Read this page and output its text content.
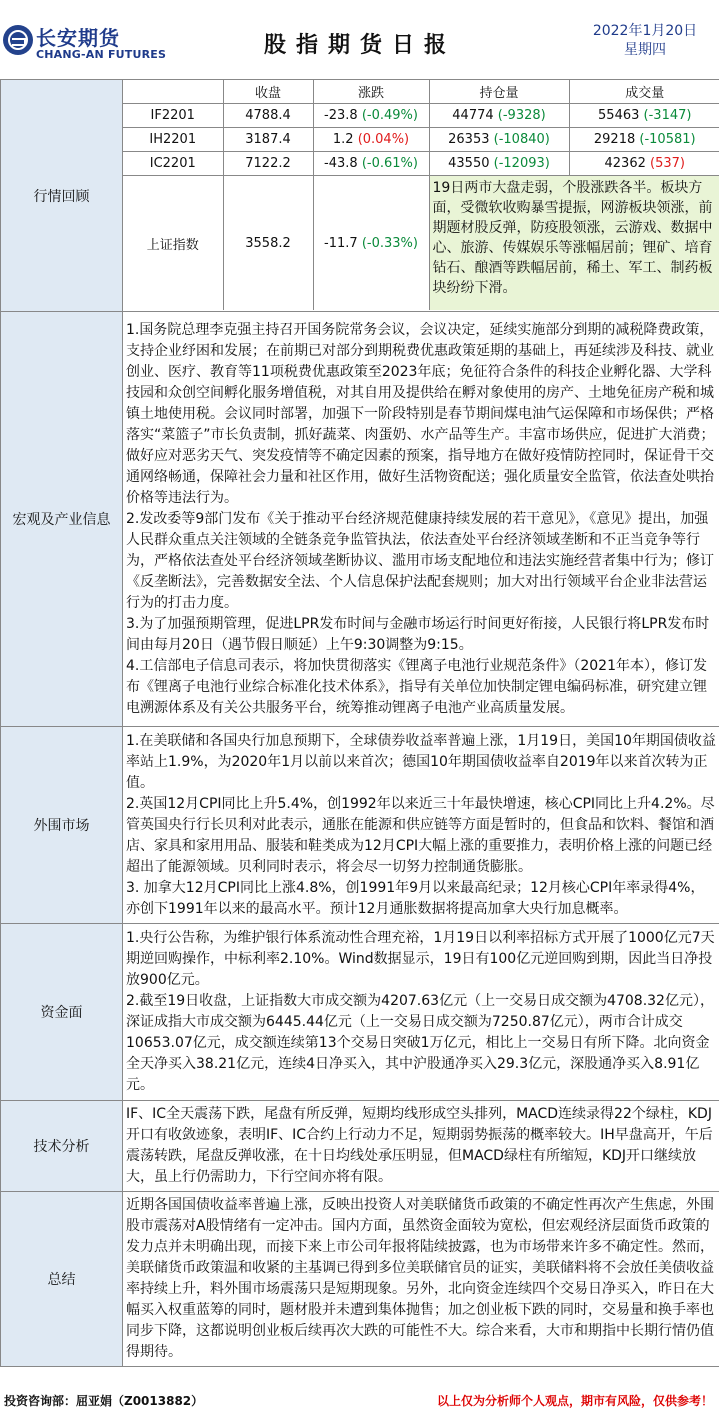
长安期货
CHANG-AN FUTURES	股指期货日报
2022年1月20日
星期四
行情回顾	
	收盘	涨跌	持仓量	成交量
IF2201	4788.4	-23.8 (-0.49%)	44774 (-9328)	55463 (-3147)
IH2201	3187.4	1.2 (0.04%)	26353 (-10840)	29218 (-10581)
IC2201	7122.2	-43.8 (-0.61%)	43550 (-12093)	42362 (537)
上证指数	3558.2	-11.7 (-0.33%)	19日两市大盘走弱，个股涨跌各半。板块方面，受微软收购暴雪提振，网游板块领涨，前期题材股反弹，防疫股领涨，云游戏、数据中心、旅游、传媒娱乐等涨幅居前；锂矿、培育钻石、酿酒等跌幅居前，稀土、军工、制药板块纷纷下滑。

宏观及产业信息	

1.国务院总理李克强主持召开国务院常务会议，会议决定，延续实施部分到期的减税降费政策，支持企业纾困和发展；在前期已对部分到期税费优惠政策延期的基础上，再延续涉及科技、就业创业、医疗、教育等11项税费优惠政策至2023年底；免征符合条件的科技企业孵化器、大学科技园和众创空间孵化服务增值税，对其自用及提供给在孵对象使用的房产、土地免征房产税和城镇土地使用税。会议同时部署，加强下一阶段特别是春节期间煤电油气运保障和市场保供；严格落实“菜篮子”市长负责制，抓好蔬菜、肉蛋奶、水产品等生产。丰富市场供应，促进扩大消费；做好应对恶劣天气、突发疫情等不确定因素的预案，指导地方在做好疫情防控同时，保证骨干交通网络畅通，保障社会力量和社区作用，做好生活物资配送；强化质量安全监管，依法查处哄抬价格等违法行为。

2.发改委等9部门发布《关于推动平台经济规范健康持续发展的若干意见》，《意见》提出，加强人民群众重点关注领域的全链条竞争监管执法，依法查处平台经济领域垄断和不正当竞争等行为，严格依法查处平台经济领域垄断协议、滥用市场支配地位和违法实施经营者集中行为；修订《反垄断法》，完善数据安全法、个人信息保护法配套规则；加大对出行领域平台企业非法营运行为的打击力度。

3.为了加强预期管理，促进LPR发布时间与金融市场运行时间更好衔接，人民银行将LPR发布时间由每月20日（遇节假日顺延）上午9:30调整为9:15。

4.工信部电子信息司表示，将加快贯彻落实《锂离子电池行业规范条件》（2021年本），修订发布《锂离子电池行业综合标准化技术体系》，指导有关单位加快制定锂电编码标准，研究建立锂电溯源体系及有关公共服务平台，统筹推动锂离子电池产业高质量发展。

外围市场	

1.在美联储和各国央行加息预期下，全球债券收益率普遍上涨，1月19日，美国10年期国债收益率站上1.9%，为2020年1月以前以来首次；德国10年期国债收益率自2019年以来首次转为正值。

2.英国12月CPI同比上升5.4%，创1992年以来近三十年最快增速，核心CPI同比上升4.2%。尽管英国央行行长贝利对此表示，通胀在能源和供应链等方面是暂时的，但食品和饮料、餐馆和酒店、家具和家用用品、服装和鞋类成为12月CPI大幅上涨的重要推力，表明价格上涨的问题已经超出了能源领域。贝利同时表示，将会尽一切努力控制通货膨胀。

3. 加拿大12月CPI同比上涨4.8%，创1991年9月以来最高纪录；12月核心CPI年率录得4%，亦创下1991年以来的最高水平。预计12月通胀数据将提高加拿大央行加息概率。

资金面	

1.央行公告称，为维护银行体系流动性合理充裕，1月19日以利率招标方式开展了1000亿元7天期逆回购操作，中标利率2.10%。Wind数据显示，19日有100亿元逆回购到期，因此当日净投放900亿元。

2.截至19日收盘，上证指数大市成交额为4207.63亿元（上一交易日成交额为4708.32亿元），深证成指大市成交额为6445.44亿元（上一交易日成交额为7250.87亿元），两市合计成交10653.07亿元，成交额连续第13个交易日突破1万亿元，相比上一交易日有所下降。北向资金全天净买入38.21亿元，连续4日净买入，其中沪股通净买入29.3亿元，深股通净买入8.91亿元。

技术分析	IF、IC全天震荡下跌，尾盘有所反弹，短期均线形成空头排列，MACD连续录得22个绿柱，KDJ开口有收敛迹象，表明IF、IC合约上行动力不足，短期弱势振荡的概率较大。IH早盘高开，午后震荡转跌，尾盘反弹收涨，在十日均线处承压明显，但MACD绿柱有所缩短，KDJ开口继续放大，虽上行仍需助力，下行空间亦将有限。
总结	近期各国国债收益率普遍上涨，反映出投资人对美联储货币政策的不确定性再次产生焦虑，外围股市震荡对A股情绪有一定冲击。国内方面，虽然资金面较为宽松，但宏观经济层面货币政策的发力点并未明确出现，而接下来上市公司年报将陆续披露，也为市场带来许多不确定性。然而，美联储货币政策温和收紧的主基调已得到多位美联储官员的证实，美联储料将不会放任美债收益率持续上升，料外围市场震荡只是短期现象。另外，北向资金连续四个交易日净买入，昨日在大幅买入权重蓝筹的同时，题材股并未遭到集体抛售；加之创业板下跌的同时，交易量和换手率也同步下降，这都说明创业板后续再次大跌的可能性不大。综合来看，大市和期指中长期行情仍值得期待。
投资咨询部：屈亚娟（Z0013882）	以上仅为分析师个人观点，期市有风险，仅供参考！
